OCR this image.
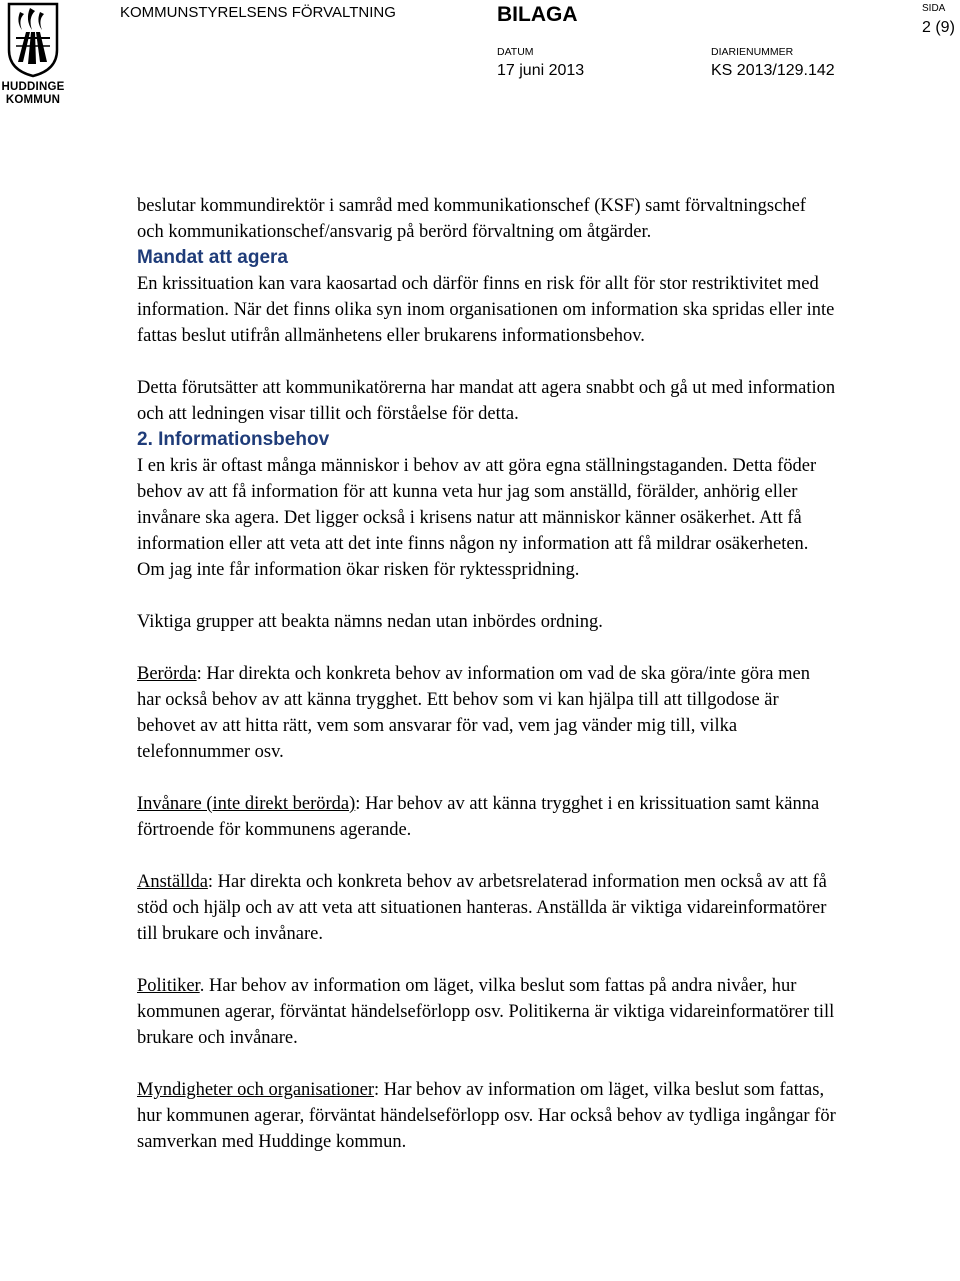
HUDDINGE
KOMMUN
KOMMUNSTYRELSENS FÖRVALTNING	BILAGA	SIDA
2 (9)
DATUM
17 juni 2013
DIARIENUMMER
KS 2013/129.142

beslutar kommundirektör i samråd med kommunikationschef (KSF) samt förvaltningschef och kommunikationschef/ansvarig på berörd förvaltning om åtgärder.

Mandat att agera

En krissituation kan vara kaosartad och därför finns en risk för allt för stor restriktivitet med information. När det finns olika syn inom organisationen om information ska spridas eller inte fattas beslut utifrån allmänhetens eller brukarens informationsbehov.

Detta förutsätter att kommunikatörerna har mandat att agera snabbt och gå ut med information och att ledningen visar tillit och förståelse för detta.

2. Informationsbehov

I en kris är oftast många människor i behov av att göra egna ställningstaganden. Detta föder behov av att få information för att kunna veta hur jag som anställd, förälder, anhörig eller invånare ska agera. Det ligger också i krisens natur att människor känner osäkerhet. Att få information eller att veta att det inte finns någon ny information att få mildrar osäkerheten. Om jag inte får information ökar risken för ryktesspridning.

Viktiga grupper att beakta nämns nedan utan inbördes ordning.

Berörda: Har direkta och konkreta behov av information om vad de ska göra/inte göra men har också behov av att känna trygghet. Ett behov som vi kan hjälpa till att tillgodose är behovet av att hitta rätt, vem som ansvarar för vad, vem jag vänder mig till, vilka telefonnummer osv.

Invånare (inte direkt berörda): Har behov av att känna trygghet i en krissituation samt känna förtroende för kommunens agerande.

Anställda: Har direkta och konkreta behov av arbetsrelaterad information men också av att få stöd och hjälp och av att veta att situationen hanteras. Anställda är viktiga vidareinformatörer till brukare och invånare.

Politiker. Har behov av information om läget, vilka beslut som fattas på andra nivåer, hur kommunen agerar, förväntat händelseförlopp osv. Politikerna är viktiga vidareinformatörer till brukare och invånare.

Myndigheter och organisationer: Har behov av information om läget, vilka beslut som fattas, hur kommunen agerar, förväntat händelseförlopp osv. Har också behov av tydliga ingångar för samverkan med Huddinge kommun.
